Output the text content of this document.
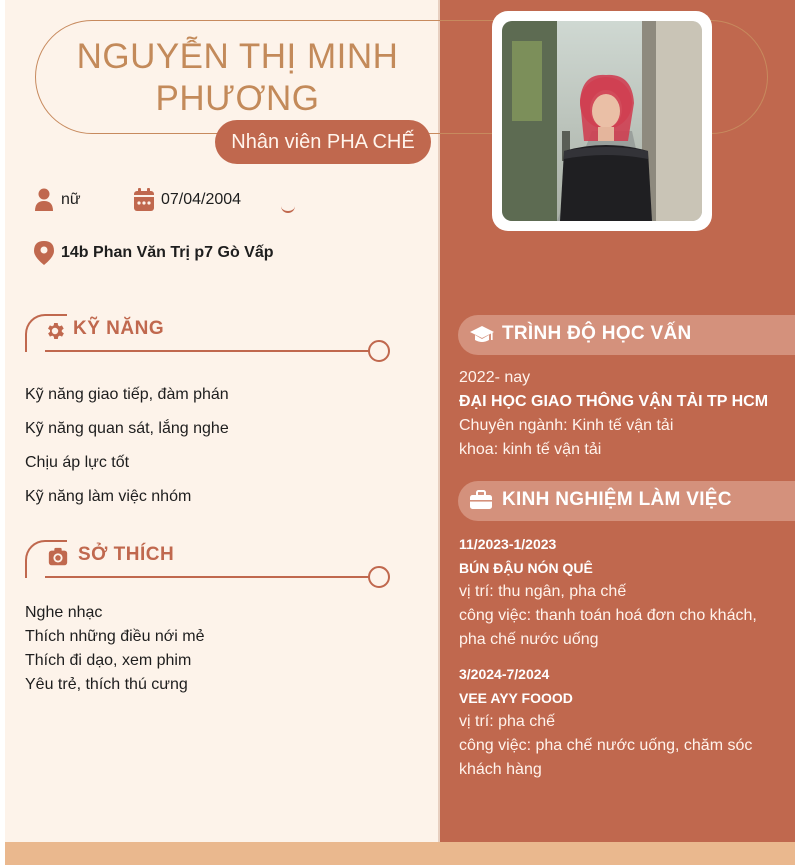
NGUYỄN THỊ MINH
PHƯƠNG
Nhân viên PHA CHẾ
nữ	07/04/2004
14b Phan Văn Trị p7 Gò Vấp
KỸ NĂNG
Kỹ năng giao tiếp, đàm phán
Kỹ năng quan sát, lắng nghe
Chịu áp lực tốt
Kỹ năng làm việc nhóm
SỞ THÍCH
Nghe nhạc
Thích những điều nới mẻ
Thích đi dạo, xem phim
Yêu trẻ, thích thú cưng
TRÌNH ĐỘ HỌC VẤN
2022- nay
ĐẠI HỌC GIAO THÔNG VẬN TẢI TP HCM
Chuyên ngành: Kinh tế vận tải
khoa: kinh tế vận tải
KINH NGHIỆM LÀM VIỆC
11/2023-1/2023
BÚN ĐẬU NÓN QUÊ
vị trí: thu ngân, pha chế
công việc: thanh toán hoá đơn cho khách,
pha chế nước uống
3/2024-7/2024
VEE AYY FOOOD
vị trí: pha chế
công việc: pha chế nước uống, chăm sóc
khách hàng
